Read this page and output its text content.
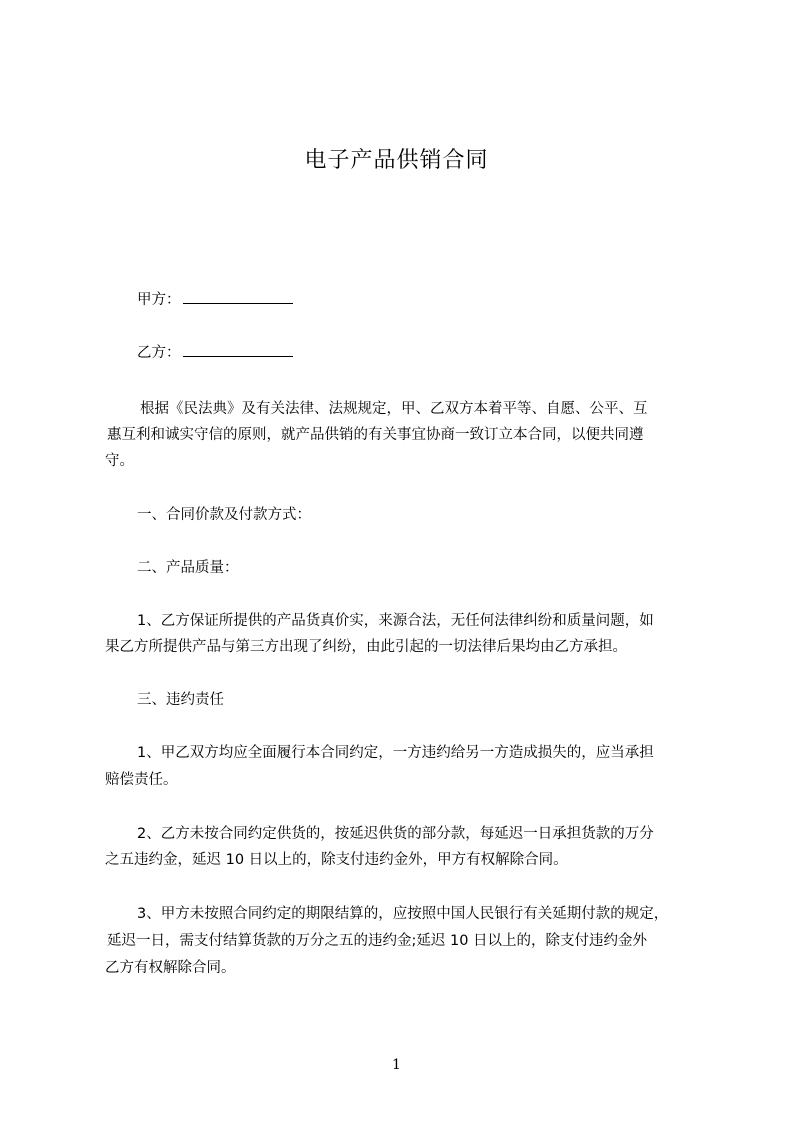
电子产品供销合同
甲方：
乙方：
根据《民法典》及有关法律、法规规定，甲、乙双方本着平等、自愿、公平、互
惠互利和诚实守信的原则，就产品供销的有关事宜协商一致订立本合同，以便共同遵
守。
一、合同价款及付款方式：
二、产品质量：
1、乙方保证所提供的产品货真价实，来源合法，无任何法律纠纷和质量问题，如
果乙方所提供产品与第三方出现了纠纷，由此引起的一切法律后果均由乙方承担。
三、违约责任
1、甲乙双方均应全面履行本合同约定，一方违约给另一方造成损失的，应当承担
赔偿责任。
2、乙方未按合同约定供货的，按延迟供货的部分款，每延迟一日承担货款的万分
之五违约金，延迟 10 日以上的，除支付违约金外，甲方有权解除合同。
3、甲方未按照合同约定的期限结算的，应按照中国人民银行有关延期付款的规定，
延迟一日，需支付结算货款的万分之五的违约金;延迟 10 日以上的，除支付违约金外
乙方有权解除合同。
1
